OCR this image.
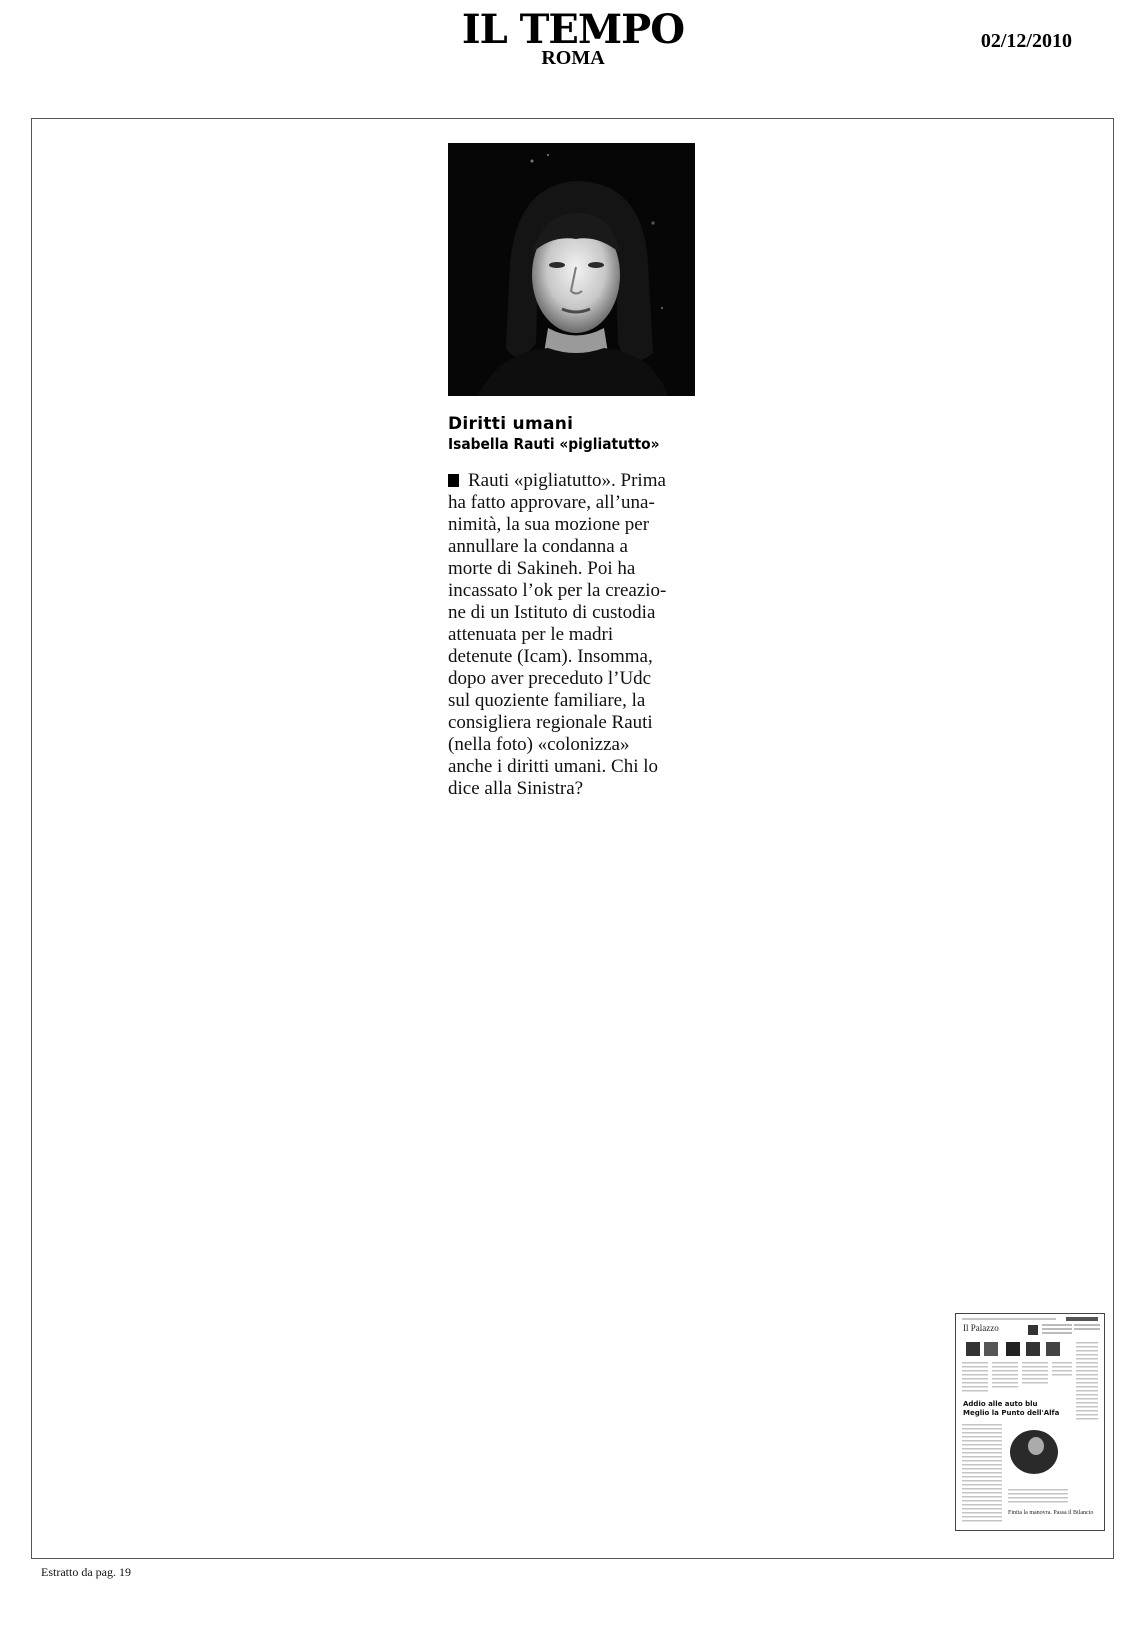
IL TEMPO
ROMA
02/12/2010
Diritti umani
Isabella Rauti «pigliatutto»
Rauti «pigliatutto». Prima
ha fatto approvare, all’una-
nimità, la sua mozione per
annullare la condanna a
morte di Sakineh. Poi ha
incassato l’ok per la creazio-
ne di un Istituto di custodia
attenuata per le madri
detenute (Icam). Insomma,
dopo aver preceduto l’Udc
sul quoziente familiare, la
consigliera regionale Rauti
(nella foto) «colonizza»
anche i diritti umani. Chi lo
dice alla Sinistra?
Il Palazzo
Addio alle auto blu
Meglio la Punto dell'Alfa
Finita la manovra. Passa il Bilancio
Estratto da pag. 19
